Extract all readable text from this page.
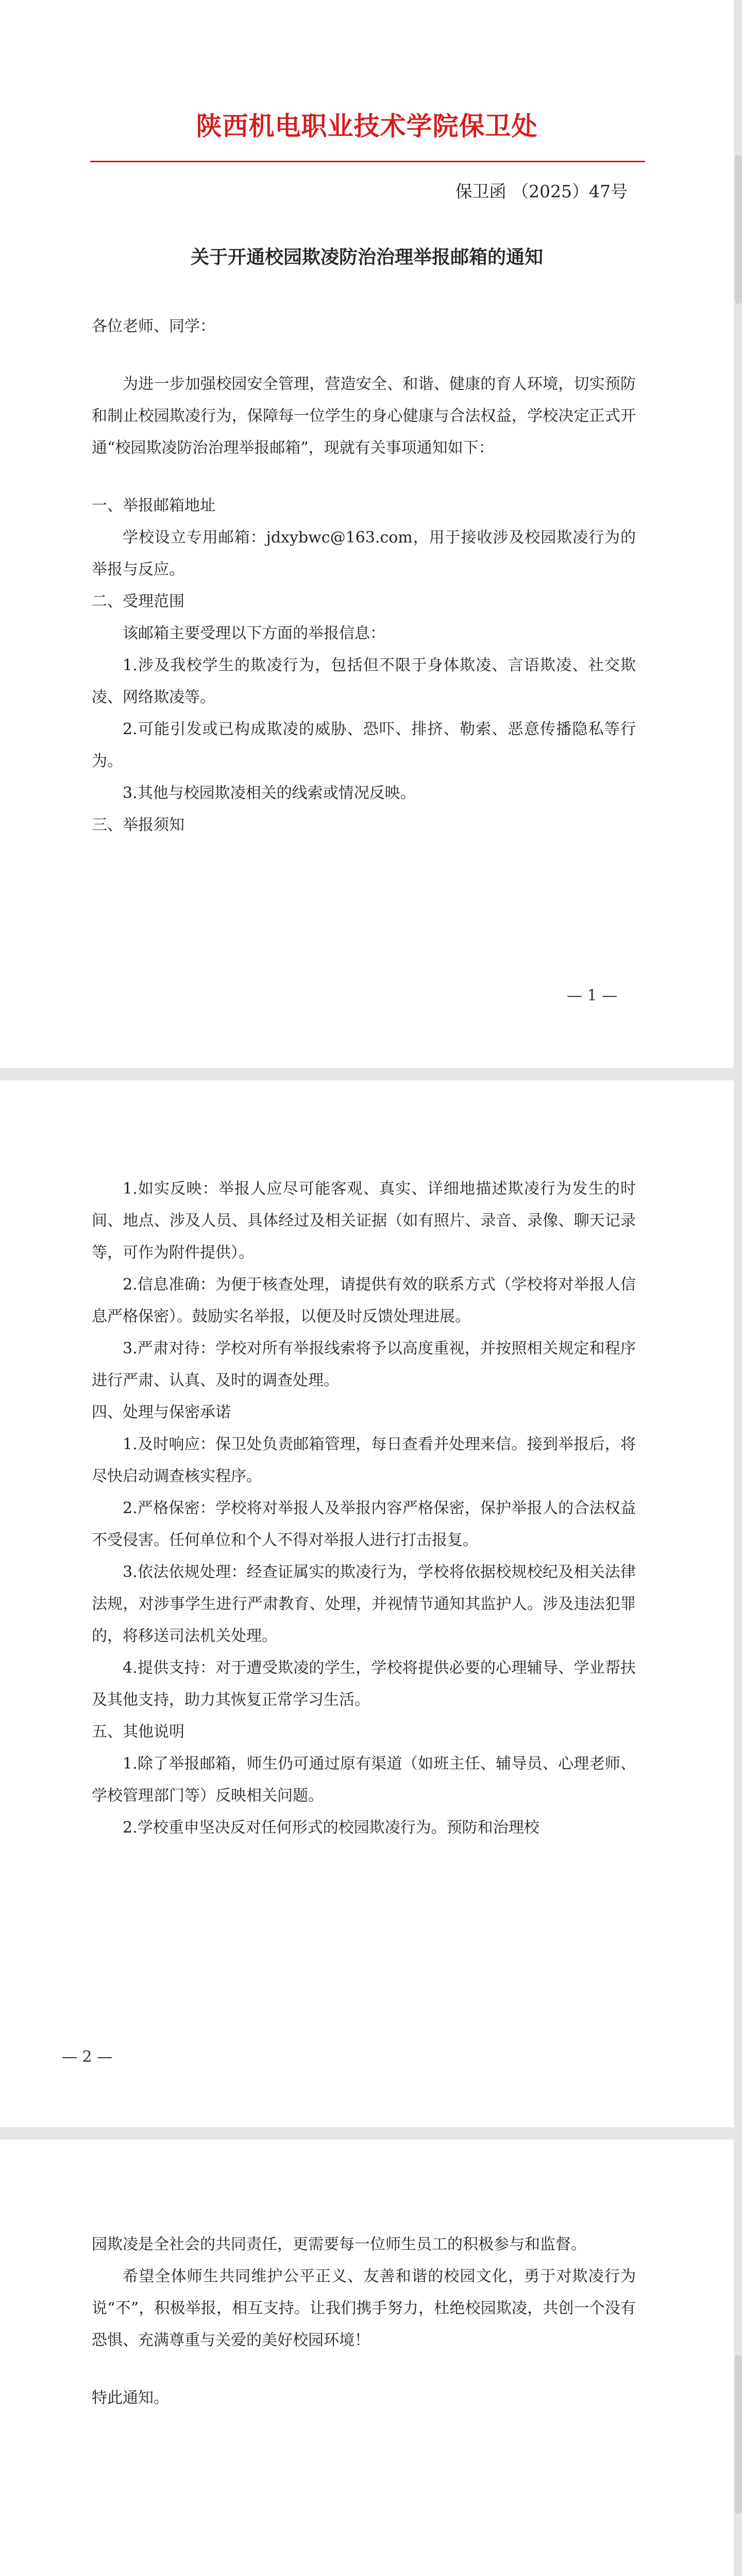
陕西机电职业技术学院保卫处
保卫函 （2025）47号
关于开通校园欺凌防治治理举报邮箱的通知

各位老师、同学：

为进一步加强校园安全管理，营造安全、和谐、健康的育人环境，切实预防和制止校园欺凌行为，保障每一位学生的身心健康与合法权益，学校决定正式开通“校园欺凌防治治理举报邮箱”，现就有关事项通知如下：

一、举报邮箱地址

学校设立专用邮箱：jdxybwc@163.com，用于接收涉及校园欺凌行为的举报与反应。

二、受理范围

该邮箱主要受理以下方面的举报信息：

1.涉及我校学生的欺凌行为，包括但不限于身体欺凌、言语欺凌、社交欺凌、网络欺凌等。

2.可能引发或已构成欺凌的威胁、恐吓、排挤、勒索、恶意传播隐私等行为。

3.其他与校园欺凌相关的线索或情况反映。

三、举报须知

— 1 —

1.如实反映：举报人应尽可能客观、真实、详细地描述欺凌行为发生的时间、地点、涉及人员、具体经过及相关证据（如有照片、录音、录像、聊天记录等，可作为附件提供）。

2.信息准确：为便于核查处理，请提供有效的联系方式（学校将对举报人信息严格保密）。鼓励实名举报，以便及时反馈处理进展。

3.严肃对待：学校对所有举报线索将予以高度重视，并按照相关规定和程序进行严肃、认真、及时的调查处理。

四、处理与保密承诺

1.及时响应：保卫处负责邮箱管理，每日查看并处理来信。接到举报后，将尽快启动调查核实程序。

2.严格保密：学校将对举报人及举报内容严格保密，保护举报人的合法权益不受侵害。任何单位和个人不得对举报人进行打击报复。

3.依法依规处理：经查证属实的欺凌行为，学校将依据校规校纪及相关法律法规，对涉事学生进行严肃教育、处理，并视情节通知其监护人。涉及违法犯罪的，将移送司法机关处理。

4.提供支持：对于遭受欺凌的学生，学校将提供必要的心理辅导、学业帮扶及其他支持，助力其恢复正常学习生活。

五、其他说明

1.除了举报邮箱，师生仍可通过原有渠道（如班主任、辅导员、心理老师、学校管理部门等）反映相关问题。

2.学校重申坚决反对任何形式的校园欺凌行为。预防和治理校

— 2 —

园欺凌是全社会的共同责任，更需要每一位师生员工的积极参与和监督。

希望全体师生共同维护公平正义、友善和谐的校园文化，勇于对欺凌行为说“不”，积极举报，相互支持。让我们携手努力，杜绝校园欺凌，共创一个没有恐惧、充满尊重与关爱的美好校园环境！

特此通知。
